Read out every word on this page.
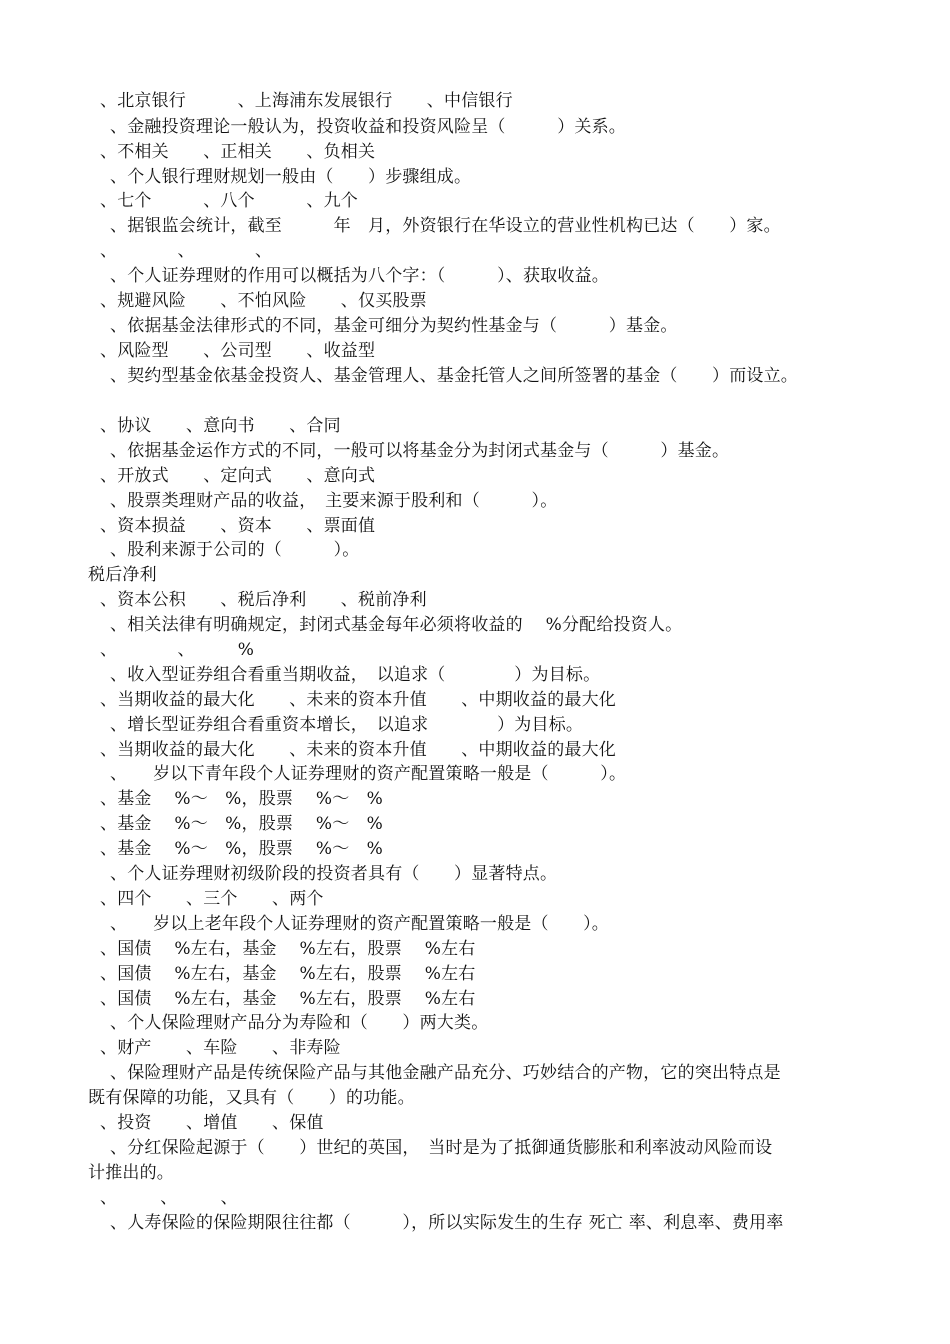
、北京银行　　　、上海浦东发展银行　　、中信银行
、金融投资理论一般认为，投资收益和投资风险呈（　　　）关系。
、不相关　　、正相关　　、负相关
、个人银行理财规划一般由（　　）步骤组成。
、七个　　　、八个　　　、九个
、据银监会统计，截至　　　年　月，外资银行在华设立的营业性机构已达（　　）家。
、　　　　、　　　　、
、个人证券理财的作用可以概括为八个字：（　　　）、获取收益。
、规避风险　　、不怕风险　　、仅买股票
、依据基金法律形式的不同，基金可细分为契约性基金与（　　　）基金。
、风险型　　、公司型　　、收益型
、契约型基金依基金投资人、基金管理人、基金托管人之间所签署的基金（　　）而设立。
、协议　　、意向书　　、合同
、依据基金运作方式的不同，一般可以将基金分为封闭式基金与（　　　）基金。
、开放式　　、定向式　　、意向式
、股票类理财产品的收益，　主要来源于股利和（　　　）。
、资本损益　　、资本　　、票面值
、股利来源于公司的（　　　）。
税后净利
、资本公积　　、税后净利　　、税前净利
、相关法律有明确规定，封闭式基金每年必须将收益的　 %分配给投资人。
、　　　　、　　　%
、收入型证券组合看重当期收益，　以追求（　　　　）为目标。
、当期收益的最大化　　、未来的资本升值　　、中期收益的最大化
、增长型证券组合看重资本增长，　以追求　　　　）为目标。
、当期收益的最大化　　、未来的资本升值　　、中期收益的最大化
、　　岁以下青年段个人证券理财的资产配置策略一般是（　　　）。
、基金　 %～　%，股票　 %～　%
、基金　 %～　%，股票　 %～　%
、基金　 %～　%，股票　 %～　%
、个人证券理财初级阶段的投资者具有（　　）显著特点。
、四个　　、三个　　、两个
、　　岁以上老年段个人证券理财的资产配置策略一般是（　　）。
、国债　 %左右，基金　 %左右，股票　 %左右
、国债　 %左右，基金　 %左右，股票　 %左右
、国债　 %左右，基金　 %左右，股票　 %左右
、个人保险理财产品分为寿险和（　　）两大类。
、财产　　、车险　　、非寿险
、保险理财产品是传统保险产品与其他金融产品充分、巧妙结合的产物，它的突出特点是
既有保障的功能，又具有（　　）的功能。
、投资　　、增值　　、保值
、分红保险起源于（　　）世纪的英国，　当时是为了抵御通货膨胀和利率波动风险而设
计推出的。
、　　　、　　　、
、人寿保险的保险期限往往都（　　　），所以实际发生的生存 死亡 率、利息率、费用率
